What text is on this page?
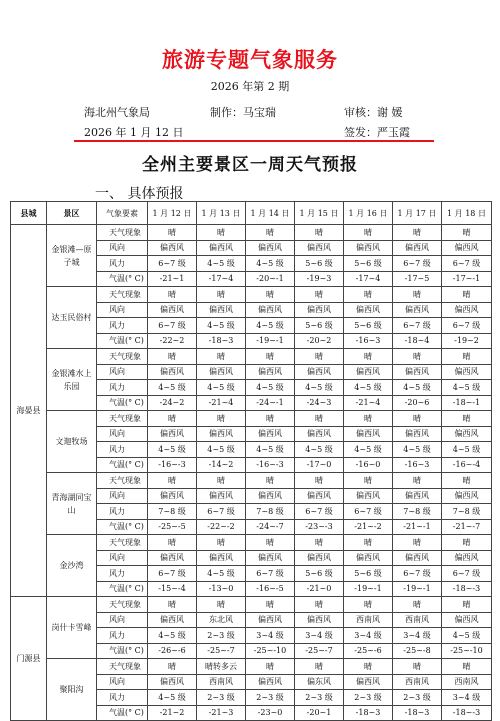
旅游专题气象服务
2026 年第 2 期
海北州气象局	制作：马宝瑞	审核：谢 媛
2026 年 1 月 12 日	签发：严玉霞
全州主要景区一周天气预报
一、 具体预报
县城	景区	气象要素	1 月 12 日	1 月 13 日	1 月 14 日	1 月 15 日	1 月 16 日	1 月 17 日	1 月 18 日
海晏县	金银滩—原子城	天气现象	晴	晴	晴	晴	晴	晴	晴
		风向	偏西风	偏西风	偏西风	偏西风	偏西风	偏西风	偏西风
		风力	6~7 级	4~5 级	4~5 级	5~6 级	5~6 级	6~7 级	6~7 级
		气温(° C)	-21~1	-17~4	-20~-1	-19~3	-17~4	-17~5	-17~-1
	达玉民俗村	天气现象	晴	晴	晴	晴	晴	晴	晴
		风向	偏西风	偏西风	偏西风	偏西风	偏西风	偏西风	偏西风
		风力	6~7 级	4~5 级	4~5 级	5~6 级	5~6 级	6~7 级	6~7 级
		气温(° C)	-22~2	-18~3	-19~-1	-20~2	-16~3	-18~4	-19~2
	金银滩水上乐园	天气现象	晴	晴	晴	晴	晴	晴	晴
		风向	偏西风	偏西风	偏西风	偏西风	偏西风	偏西风	偏西风
		风力	4~5 级	4~5 级	4~5 级	4~5 级	4~5 级	4~5 级	4~5 级
		气温(° C)	-24~2	-21~4	-24~-1	-24~3	-21~4	-20~6	-18~-1
	文迦牧场	天气现象	晴	晴	晴	晴	晴	晴	晴
		风向	偏西风	偏西风	偏西风	偏西风	偏西风	偏西风	偏西风
		风力	4~5 级	4~5 级	4~5 级	4~5 级	4~5 级	4~5 级	4~5 级
		气温(° C)	-16~-3	-14~2	-16~-3	-17~0	-16~0	-16~3	-16~-4
	青海湖同宝山	天气现象	晴	晴	晴	晴	晴	晴	晴
		风向	偏西风	偏西风	偏西风	偏西风	偏西风	偏西风	偏西风
		风力	7~8 级	6~7 级	7~8 级	6~7 级	6~7 级	7~8 级	7~8 级
		气温(° C)	-25~-5	-22~-2	-24~-7	-23~-3	-21~-2	-21~-1	-21~-7
	金沙湾	天气现象	晴	晴	晴	晴	晴	晴	晴
		风向	偏西风	偏西风	偏西风	偏西风	偏西风	偏西风	偏西风
		风力	6~7 级	4~5 级	6~7 级	5~6 级	5~6 级	6~7 级	6~7 级
		气温(° C)	-15~-4	-13~0	-16~-5	-21~0	-19~-1	-19~-1	-18~-3
门源县	岗什卡雪峰	天气现象	晴	晴	晴	晴	晴	晴	晴
		风向	偏西风	东北风	偏西风	偏西风	西南风	西南风	偏西风
		风力	4~5 级	2~3 级	3~4 级	3~4 级	3~4 级	3~4 级	4~5 级
		气温(° C)	-26~-6	-25~-7	-25~-10	-25~-7	-25~-6	-25~-8	-25~-10
	聚阳沟	天气现象	晴	晴转多云	晴	晴	晴	晴	晴
		风向	偏西风	西南风	偏西风	偏东风	偏西风	西南风	西南风
		风力	4~5 级	2~3 级	2~3 级	2~3 级	2~3 级	2~3 级	3~4 级
		气温(° C)	-21~2	-21~3	-23~0	-20~1	-18~3	-18~3	-18~-3
